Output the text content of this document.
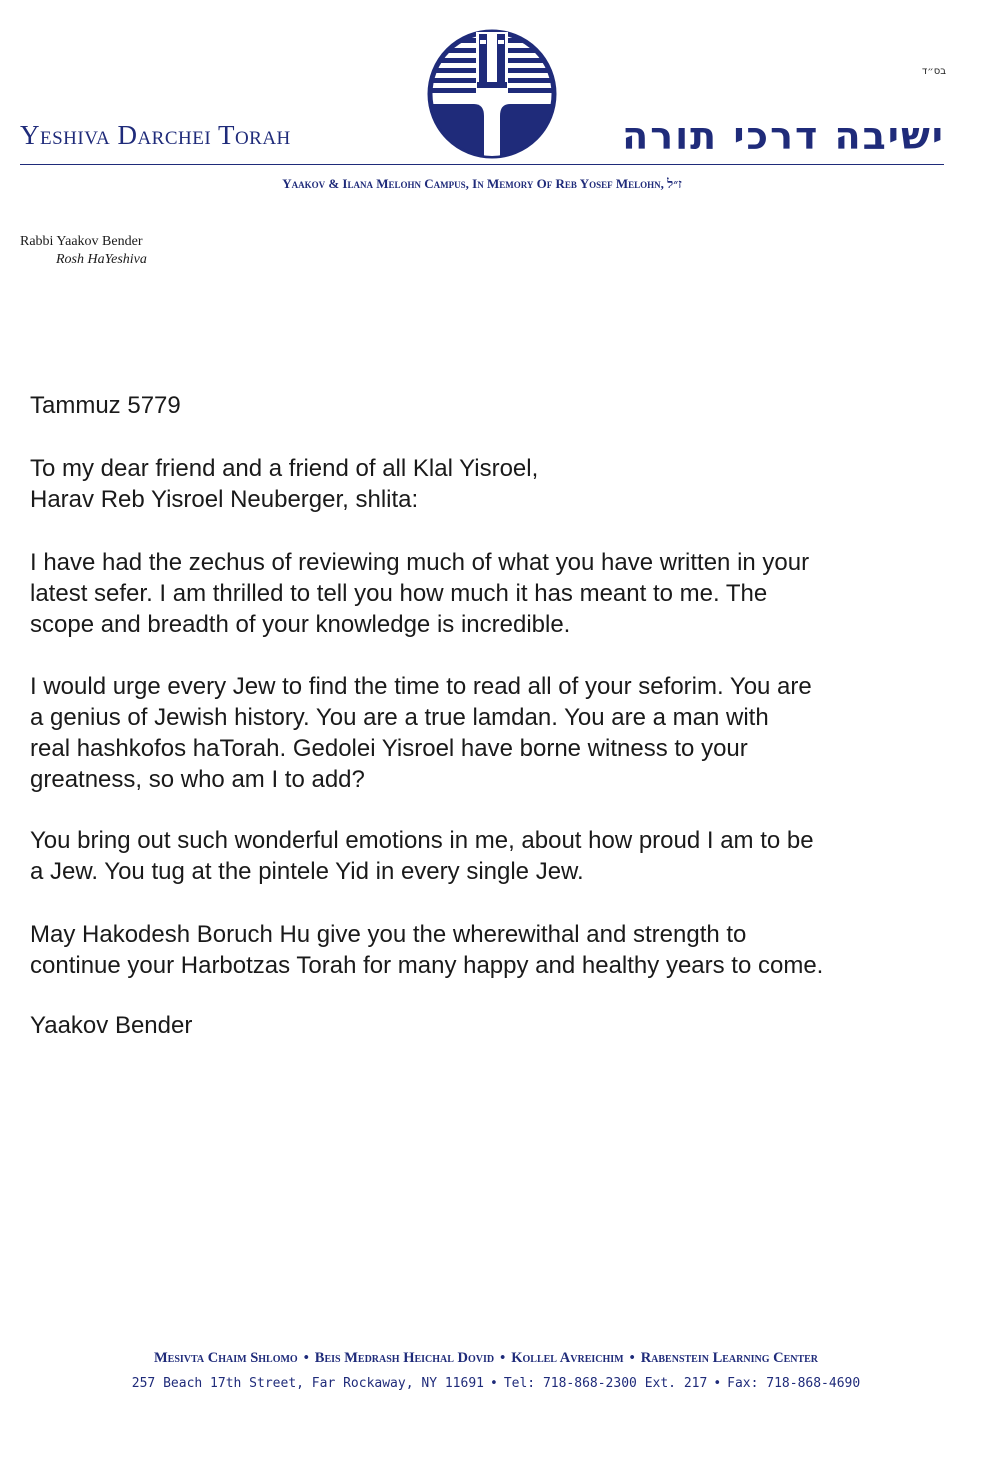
בס״ד
Yeshiva Darchei Torah	ישיבה דרכי תורה
Yaakov & Ilana Melohn Campus, In Memory Of Reb Yosef Melohn, ז״ל
Rabbi Yaakov Bender
Rosh HaYeshiva

Tammuz 5779

To my dear friend and a friend of all Klal Yisroel,
Harav Reb Yisroel Neuberger, shlita:

I have had the zechus of reviewing much of what you have written in your
latest sefer. I am thrilled to tell you how much it has meant to me. The
scope and breadth of your knowledge is incredible.

I would urge every Jew to find the time to read all of your seforim. You are
a genius of Jewish history. You are a true lamdan. You are a man with
real hashkofos haTorah. Gedolei Yisroel have borne witness to your
greatness, so who am I to add?

You bring out such wonderful emotions in me, about how proud I am to be
a Jew. You tug at the pintele Yid in every single Jew.

May Hakodesh Boruch Hu give you the wherewithal and strength to
continue your Harbotzas Torah for many happy and healthy years to come.

Yaakov Bender

Mesivta Chaim Shlomo • Beis Medrash Heichal Dovid • Kollel Avreichim • Rabenstein Learning Center
257 Beach 17th Street, Far Rockaway, NY 11691 • Tel: 718-868-2300 Ext. 217 • Fax: 718-868-4690
